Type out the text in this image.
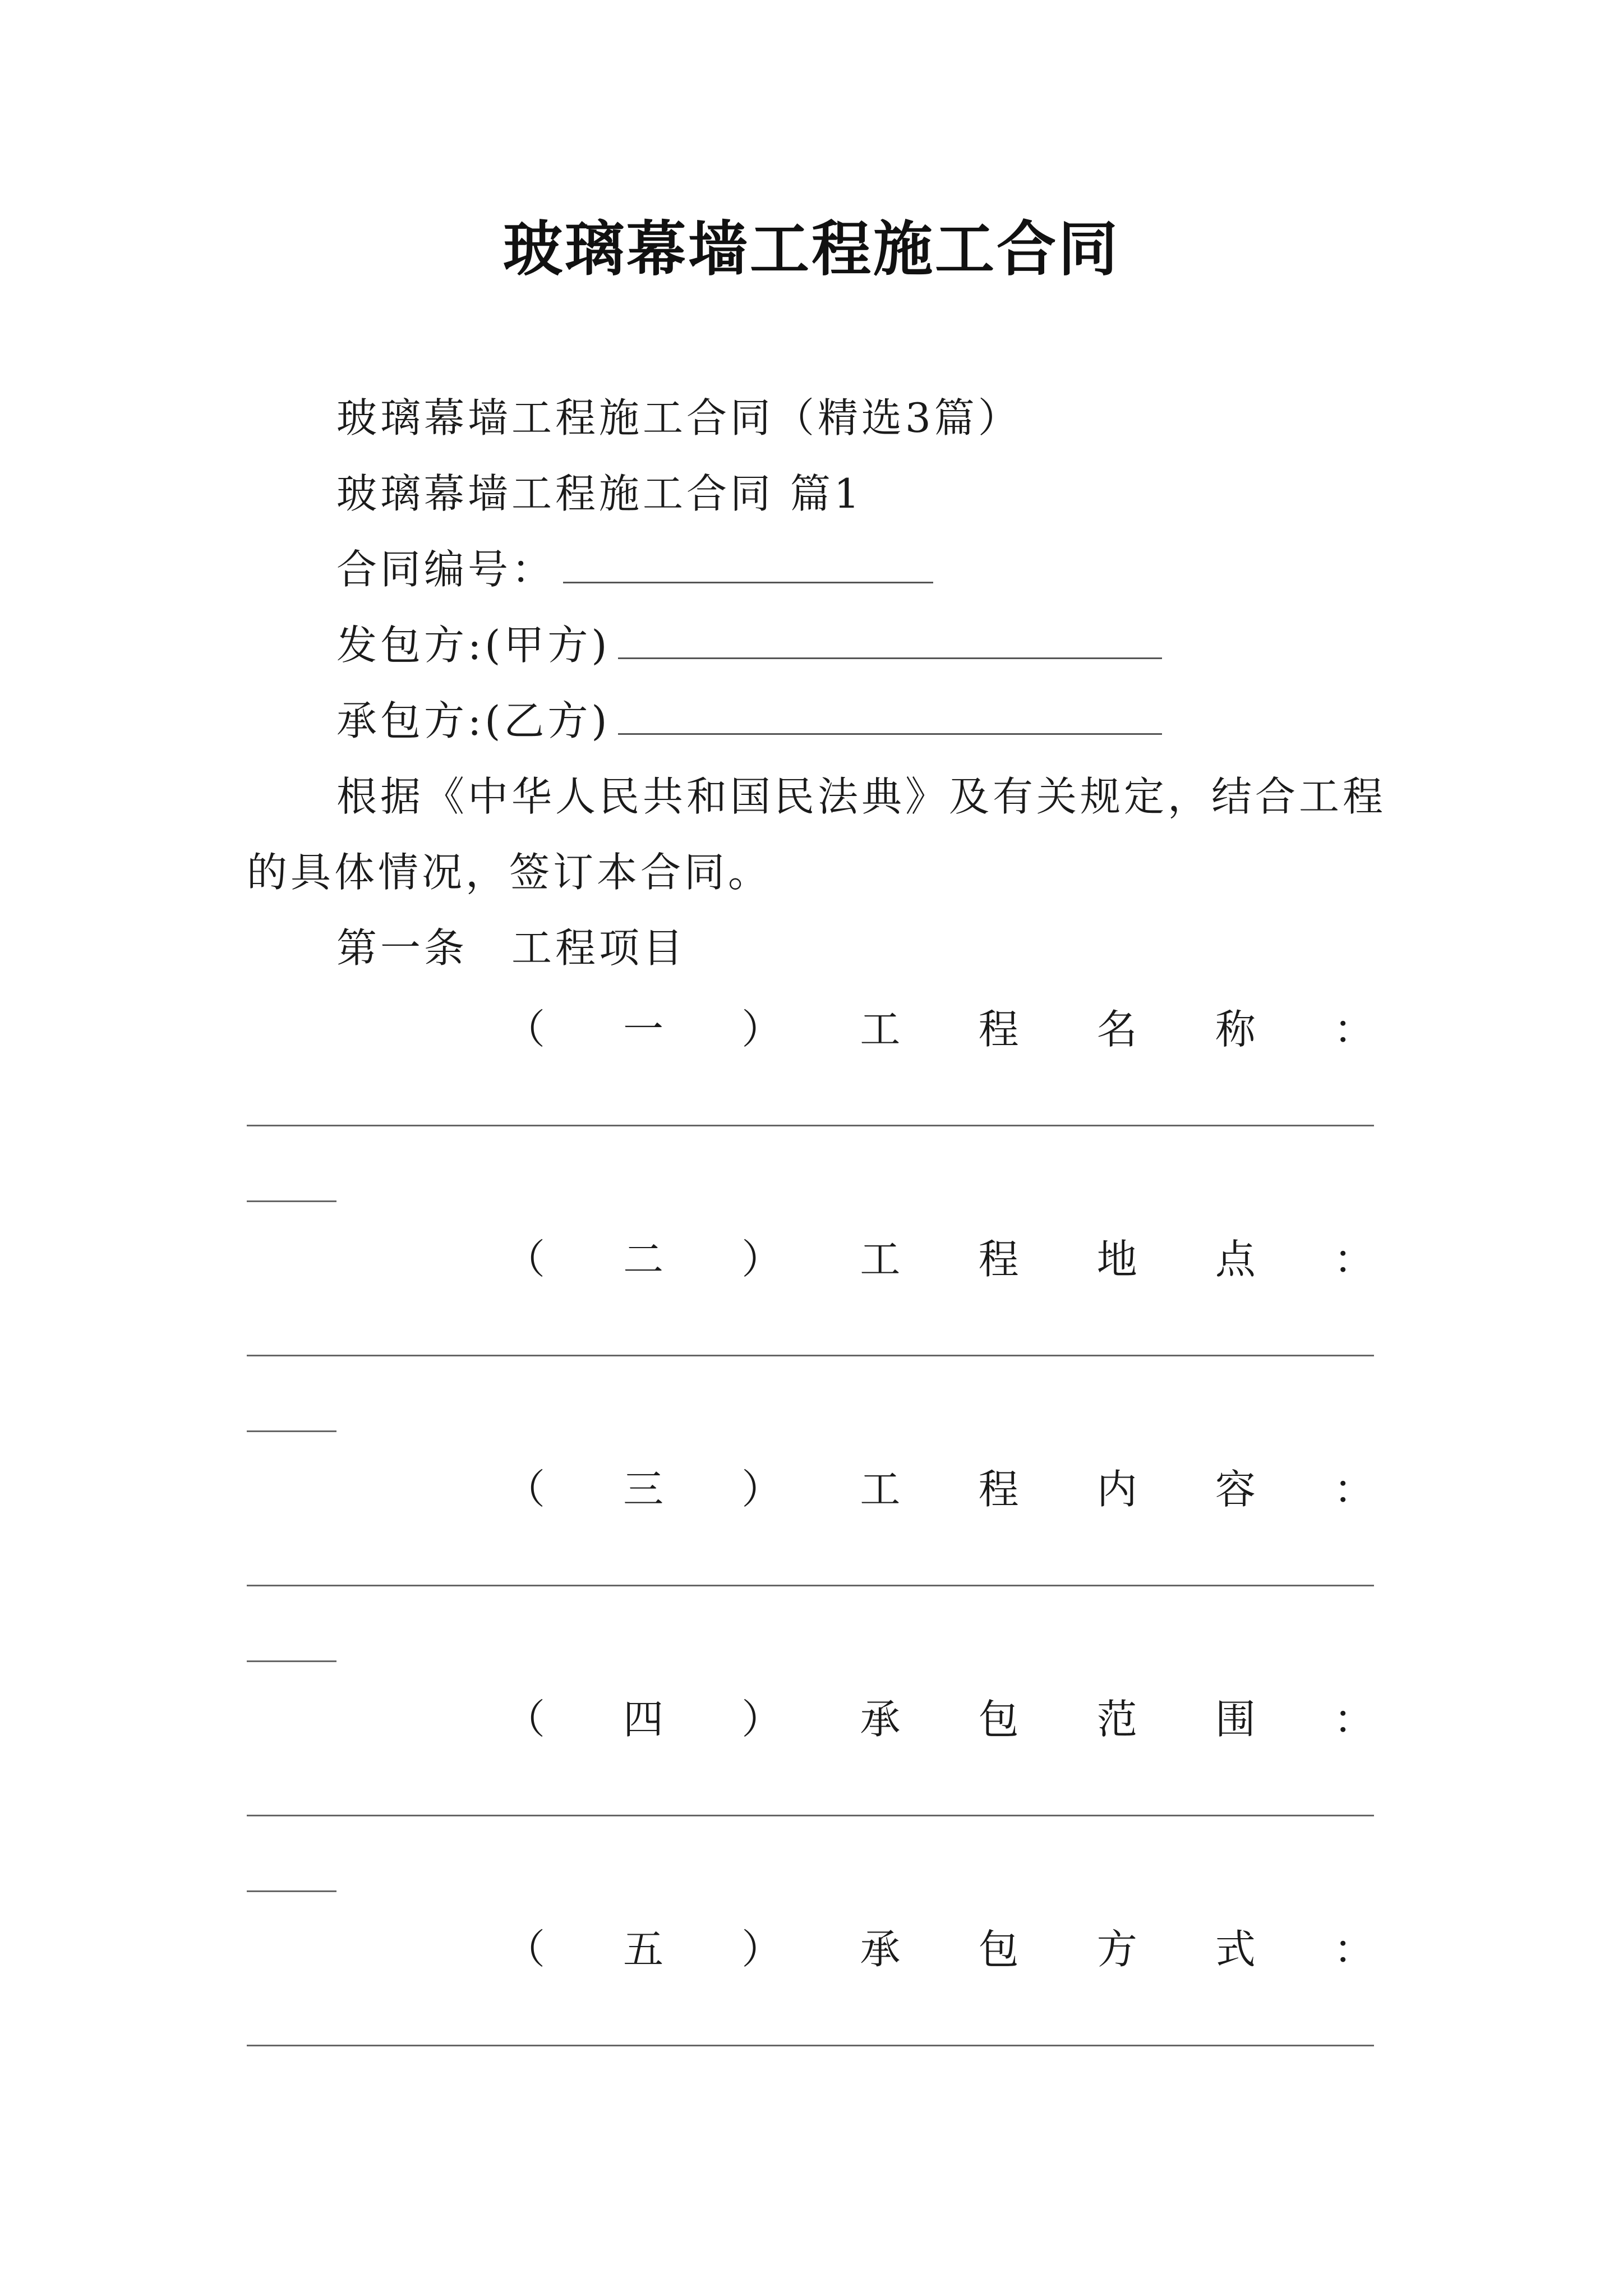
玻璃幕墙工程施工合同
玻璃幕墙工程施工合同（精选3篇）
玻璃幕墙工程施工合同 篇1
合同编号：
发包方:(甲方)
承包方:(乙方)
根据《中华人民共和国民法典》及有关规定，结合工程
的具体情况，签订本合同。
第一条　工程项目
（ 一 ） 工 程 名 称 ：
（ 二 ） 工 程 地 点 ：
（ 三 ） 工 程 内 容 ：
（ 四 ） 承 包 范 围 ：
（ 五 ） 承 包 方 式 ：
